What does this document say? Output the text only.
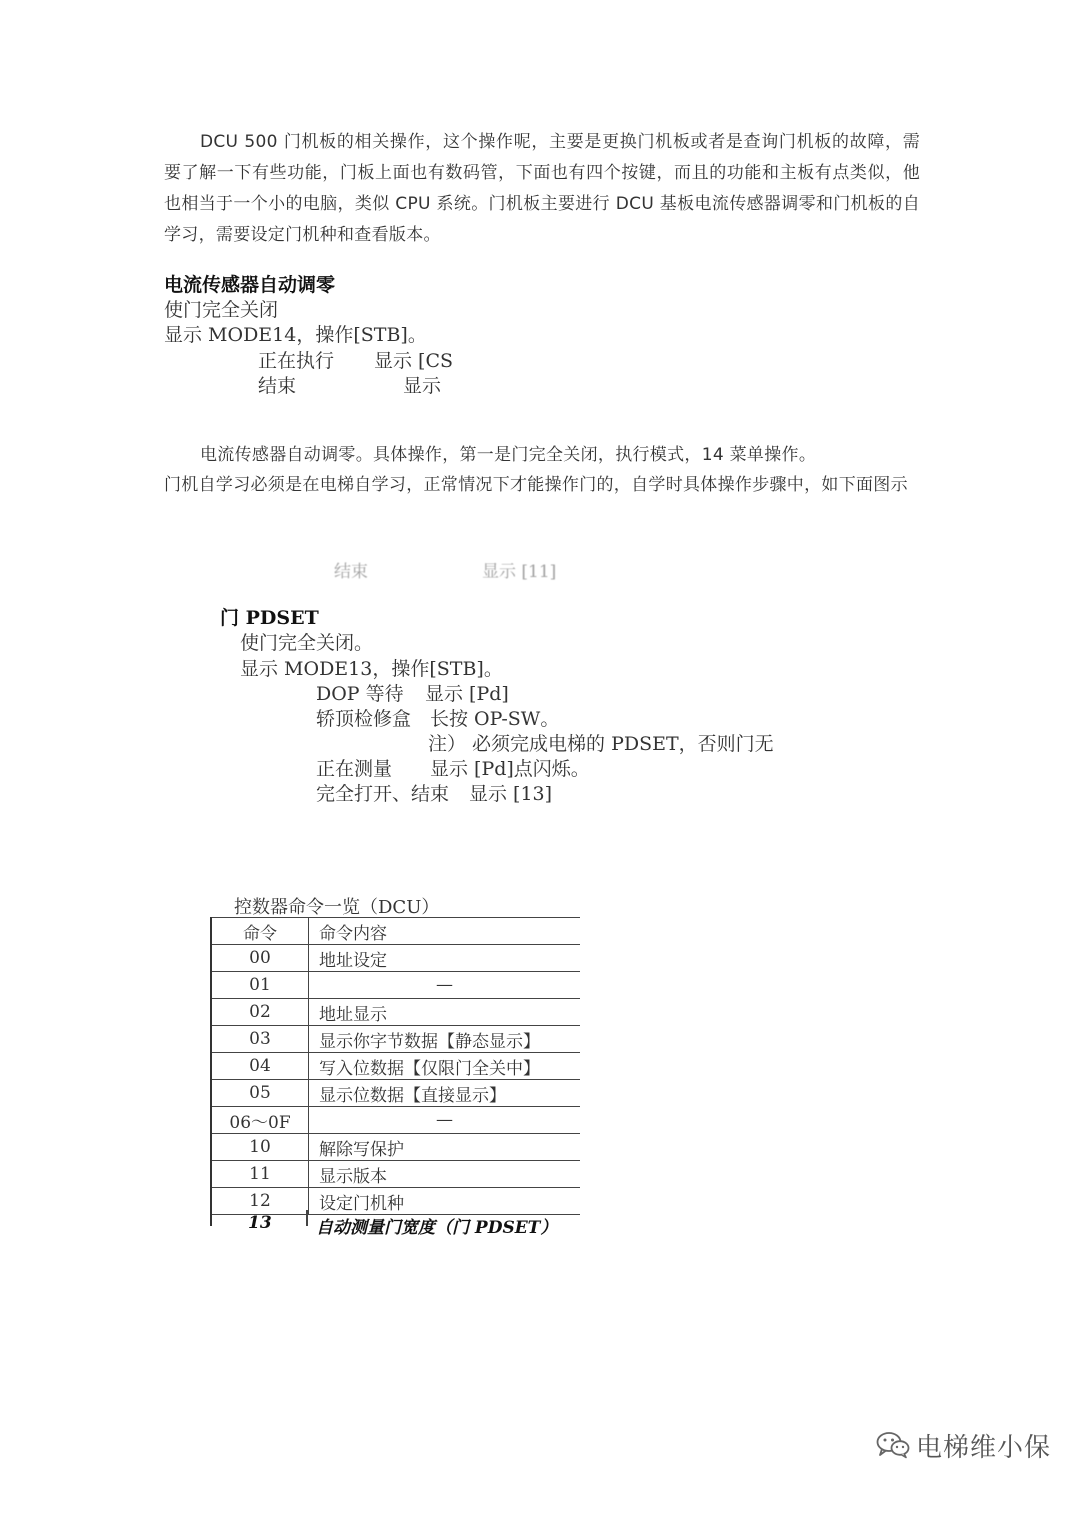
DCU 500 门机板的相关操作，这个操作呢，主要是更换门机板或者是查询门机板的故障，需要了解一下有些功能，门板上面也有数码管，下面也有四个按键，而且的功能和主板有点类似，他也相当于一个小的电脑，类似 CPU 系统。门机板主要进行 DCU 基板电流传感器调零和门机板的自学习，需要设定门机种和查看版本。
电流传感器自动调零
使门完全关闭
显示 MODE14，操作[STB]。
正在执行 显示 [CS
结束	显示
电流传感器自动调零。具体操作，第一是门完全关闭，执行模式，14 菜单操作。
门机自学习必须是在电梯自学习，正常情况下才能操作门的，自学时具体操作步骤中，如下面图示
结束	显示 [11]
门 PDSET
使门完全关闭。
显示 MODE13，操作[STB]。
DOP 等待 显示 [Pd]
轿顶检修盒 长按 OP-SW。
注） 必须完成电梯的 PDSET，否则门无
正在测量 显示 [Pd]点闪烁。
完全打开、结束 显示 [13]
控数器命令一览（DCU）
命令	命令内容
00	地址设定
01	—
02	地址显示
03	显示你字节数据【静态显示】
04	写入位数据【仅限门全关中】
05	显示位数据【直接显示】
06～0F	—
10	解除写保护
11	显示版本
12	设定门机种
13	自动测量门宽度（门 PDSET）
电梯维小保
